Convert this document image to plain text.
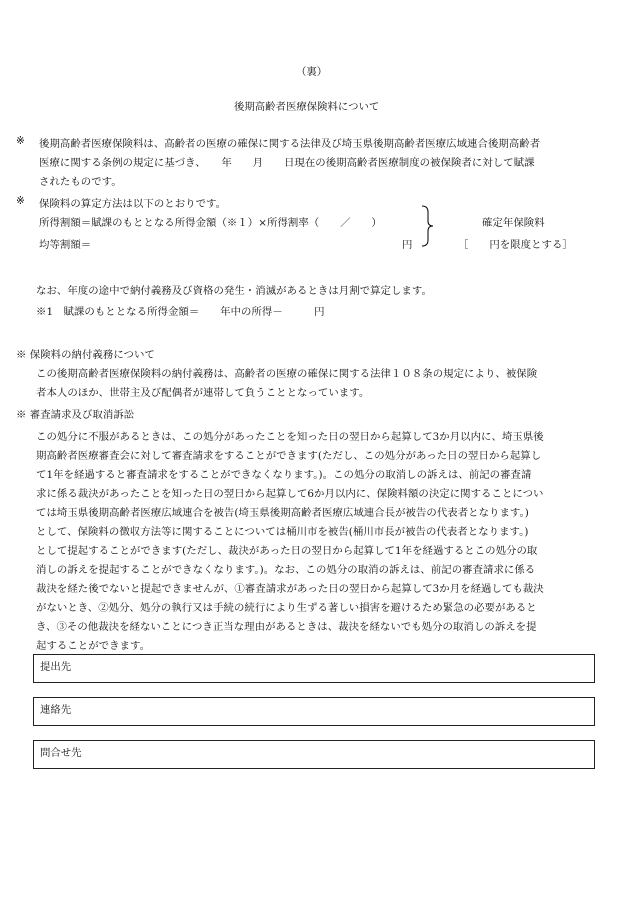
（裏）
後期高齢者医療保険料について
※ 後期高齢者医療保険料は、高齢者の医療の確保に関する法律及び埼玉県後期高齢者医療広域連合後期高齢者
医療に関する条例の規定に基づき、　　年　　月　　日現在の後期高齢者医療制度の被保険者に対して賦課
されたものです。
※ 保険料の算定方法は以下のとおりです。
所得割額＝賦課のもととなる所得金額（※１）×所得割率（　　／　　）
均等割額＝	円
確定年保険料
［　　円を限度とする］
なお、年度の途中で納付義務及び資格の発生・消滅があるときは月割で算定します。
※1　賦課のもととなる所得金額＝　　年中の所得－　　　円
※ 保険料の納付義務について
この後期高齢者医療保険料の納付義務は、高齢者の医療の確保に関する法律１０８条の規定により、被保険
者本人のほか、世帯主及び配偶者が連帯して負うこととなっています。
※ 審査請求及び取消訴訟
この処分に不服があるときは、この処分があったことを知った日の翌日から起算して3か月以内に、埼玉県後
期高齢者医療審査会に対して審査請求をすることができます(ただし、この処分があった日の翌日から起算し
て1年を経過すると審査請求をすることができなくなります。)。この処分の取消しの訴えは、前記の審査請
求に係る裁決があったことを知った日の翌日から起算して6か月以内に、保険料額の決定に関することについ
ては埼玉県後期高齢者医療広域連合を被告(埼玉県後期高齢者医療広域連合長が被告の代表者となります。)
として、保険料の徴収方法等に関することについては桶川市を被告(桶川市長が被告の代表者となります。)
として提起することができます(ただし、裁決があった日の翌日から起算して1年を経過するとこの処分の取
消しの訴えを提起することができなくなります。)。なお、この処分の取消の訴えは、前記の審査請求に係る
裁決を経た後でないと提起できませんが、①審査請求があった日の翌日から起算して3か月を経過しても裁決
がないとき、②処分、処分の執行又は手続の続行により生ずる著しい損害を避けるため緊急の必要があると
き、③その他裁決を経ないことにつき正当な理由があるときは、裁決を経ないでも処分の取消しの訴えを提
起することができます。
提出先
連絡先
問合せ先
